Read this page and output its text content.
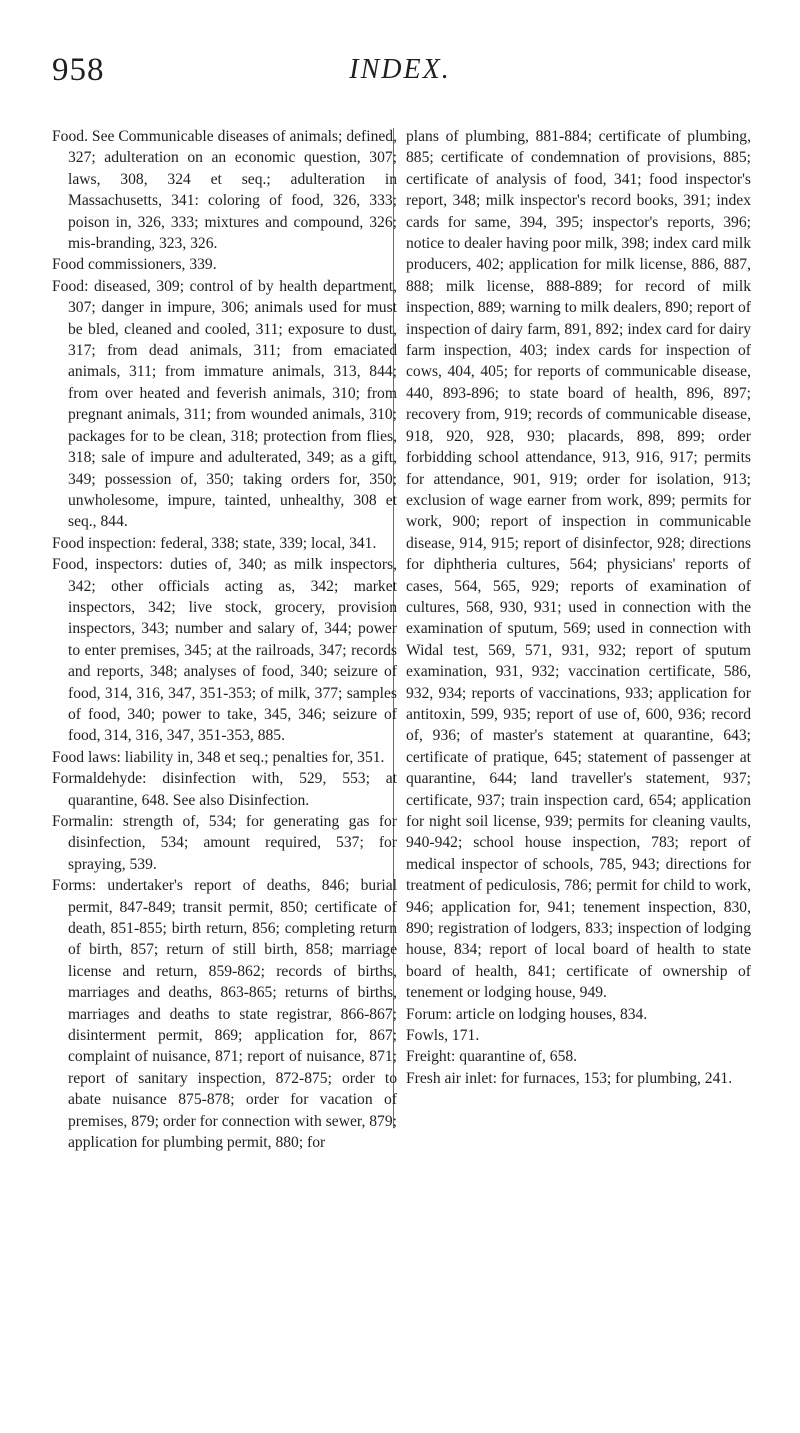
958	INDEX.

Food. See Communicable diseases of animals; defined, 327; adulteration on an economic question, 307; laws, 308, 324 et seq.; adulteration in Massachusetts, 341: coloring of food, 326, 333; poison in, 326, 333; mixtures and compound, 326; mis-branding, 323, 326.

Food commissioners, 339.

Food: diseased, 309; control of by health department, 307; danger in impure, 306; animals used for must be bled, cleaned and cooled, 311; exposure to dust, 317; from dead animals, 311; from emaciated animals, 311; from immature animals, 313, 844; from over heated and feverish animals, 310; from pregnant animals, 311; from wounded animals, 310; packages for to be clean, 318; protection from flies, 318; sale of impure and adulterated, 349; as a gift, 349; possession of, 350; taking orders for, 350; unwholesome, impure, tainted, unhealthy, 308 et seq., 844.

Food inspection: federal, 338; state, 339; local, 341.

Food, inspectors: duties of, 340; as milk inspectors, 342; other officials acting as, 342; market inspectors, 342; live stock, grocery, provision inspectors, 343; number and salary of, 344; power to enter premises, 345; at the railroads, 347; records and reports, 348; analyses of food, 340; seizure of food, 314, 316, 347, 351-353; of milk, 377; samples of food, 340; power to take, 345, 346; seizure of food, 314, 316, 347, 351-353, 885.

Food laws: liability in, 348 et seq.; penalties for, 351.

Formaldehyde: disinfection with, 529, 553; at quarantine, 648. See also Disinfection.

Formalin: strength of, 534; for generating gas for disinfection, 534; amount required, 537; for spraying, 539.

Forms: undertaker's report of deaths, 846; burial permit, 847-849; transit permit, 850; certificate of death, 851-855; birth return, 856; completing return of birth, 857; return of still birth, 858; marriage license and return, 859-862; records of births, marriages and deaths, 863-865; returns of births, marriages and deaths to state registrar, 866-867; disinterment permit, 869; application for, 867; complaint of nuisance, 871; report of nuisance, 871; report of sanitary inspection, 872-875; order to abate nuisance 875-878; order for vacation of premises, 879; order for connection with sewer, 879; application for plumbing permit, 880; for

plans of plumbing, 881-884; certificate of plumbing, 885; certificate of condemnation of provisions, 885; certificate of analysis of food, 341; food inspector's report, 348; milk inspector's record books, 391; index cards for same, 394, 395; inspector's reports, 396; notice to dealer having poor milk, 398; index card milk producers, 402; application for milk license, 886, 887, 888; milk license, 888-889; for record of milk inspection, 889; warning to milk dealers, 890; report of inspection of dairy farm, 891, 892; index card for dairy farm inspection, 403; index cards for inspection of cows, 404, 405; for reports of communicable disease, 440, 893-896; to state board of health, 896, 897; recovery from, 919; records of communicable disease, 918, 920, 928, 930; placards, 898, 899; order forbidding school attendance, 913, 916, 917; permits for attendance, 901, 919; order for isolation, 913; exclusion of wage earner from work, 899; permits for work, 900; report of inspection in communicable disease, 914, 915; report of disinfector, 928; directions for diphtheria cultures, 564; physicians' reports of cases, 564, 565, 929; reports of examination of cultures, 568, 930, 931; used in connection with the examination of sputum, 569; used in connection with Widal test, 569, 571, 931, 932; report of sputum examination, 931, 932; vaccination certificate, 586, 932, 934; reports of vaccinations, 933; application for antitoxin, 599, 935; report of use of, 600, 936; record of, 936; of master's statement at quarantine, 643; certificate of pratique, 645; statement of passenger at quarantine, 644; land traveller's statement, 937; certificate, 937; train inspection card, 654; application for night soil license, 939; permits for cleaning vaults, 940-942; school house inspection, 783; report of medical inspector of schools, 785, 943; directions for treatment of pediculosis, 786; permit for child to work, 946; application for, 941; tenement inspection, 830, 890; registration of lodgers, 833; inspection of lodging house, 834; report of local board of health to state board of health, 841; certificate of ownership of tenement or lodging house, 949.

Forum: article on lodging houses, 834.

Fowls, 171.

Freight: quarantine of, 658.

Fresh air inlet: for furnaces, 153; for plumbing, 241.
